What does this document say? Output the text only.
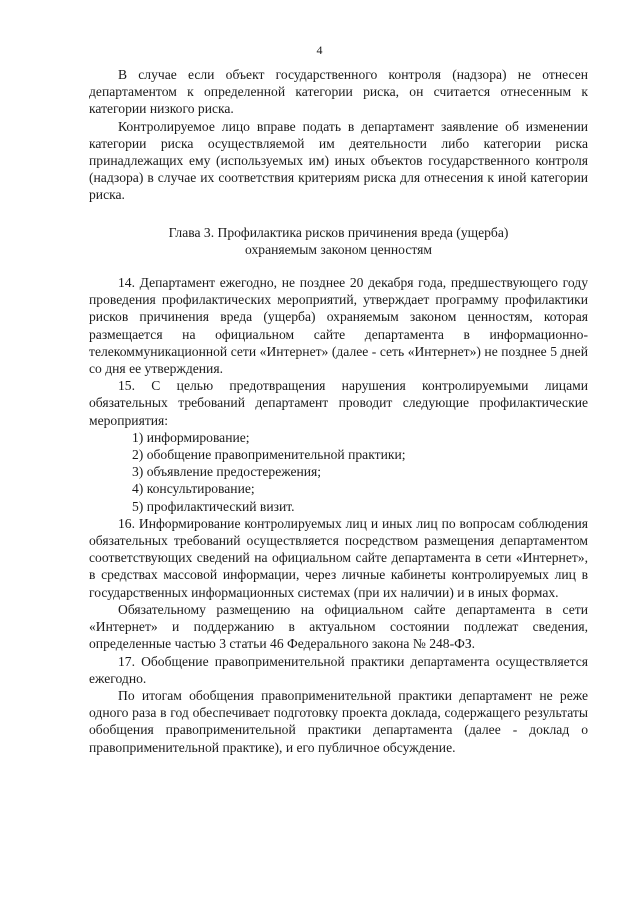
4

В случае если объект государственного контроля (надзора) не отнесен департаментом к определенной категории риска, он считается отнесенным к категории низкого риска.

Контролируемое лицо вправе подать в департамент заявление об изменении категории риска осуществляемой им деятельности либо категории риска принадлежащих ему (используемых им) иных объектов государственного контроля (надзора) в случае их соответствия критериям риска для отнесения к иной категории риска.

Глава 3. Профилактика рисков причинения вреда (ущерба)
охраняемым законом ценностям

14. Департамент ежегодно, не позднее 20 декабря года, предшествующего году проведения профилактических мероприятий, утверждает программу профилактики рисков причинения вреда (ущерба) охраняемым законом ценностям, которая размещается на официальном сайте департамента в информационно-телекоммуникационной сети «Интернет» (далее - сеть «Интернет») не позднее 5 дней со дня ее утверждения.

15. С целью предотвращения нарушения контролируемыми лицами обязательных требований департамент проводит следующие профилактические мероприятия:

1) информирование;

2) обобщение правоприменительной практики;

3) объявление предостережения;

4) консультирование;

5) профилактический визит.

16. Информирование контролируемых лиц и иных лиц по вопросам соблюдения обязательных требований осуществляется посредством размещения департаментом соответствующих сведений на официальном сайте департамента в сети «Интернет», в средствах массовой информации, через личные кабинеты контролируемых лиц в государственных информационных системах (при их наличии) и в иных формах.

Обязательному размещению на официальном сайте департамента в сети «Интернет» и поддержанию в актуальном состоянии подлежат сведения, определенные частью 3 статьи 46 Федерального закона № 248-ФЗ.

17. Обобщение правоприменительной практики департамента осуществляется ежегодно.

По итогам обобщения правоприменительной практики департамент не реже одного раза в год обеспечивает подготовку проекта доклада, содержащего результаты обобщения правоприменительной практики департамента (далее - доклад о правоприменительной практике), и его публичное обсуждение.
